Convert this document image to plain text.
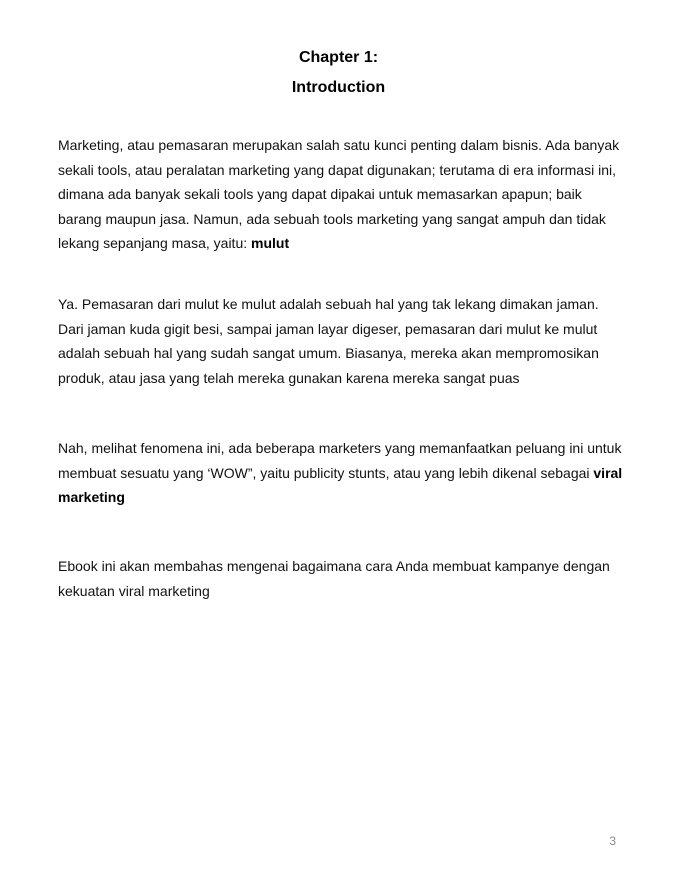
Chapter 1:
Introduction

Marketing, atau pemasaran merupakan salah satu kunci penting dalam bisnis. Ada banyak sekali tools, atau peralatan marketing yang dapat digunakan; terutama di era informasi ini, dimana ada banyak sekali tools yang dapat dipakai untuk memasarkan apapun; baik barang maupun jasa. Namun, ada sebuah tools marketing yang sangat ampuh dan tidak lekang sepanjang masa, yaitu: mulut

Ya. Pemasaran dari mulut ke mulut adalah sebuah hal yang tak lekang dimakan jaman. Dari jaman kuda gigit besi, sampai jaman layar digeser, pemasaran dari mulut ke mulut adalah sebuah hal yang sudah sangat umum. Biasanya, mereka akan mempromosikan produk, atau jasa yang telah mereka gunakan karena mereka sangat puas

Nah, melihat fenomena ini, ada beberapa marketers yang memanfaatkan peluang ini untuk membuat sesuatu yang ‘WOW”, yaitu publicity stunts, atau yang lebih dikenal sebagai viral marketing

Ebook ini akan membahas mengenai bagaimana cara Anda membuat kampanye dengan kekuatan viral marketing

3
